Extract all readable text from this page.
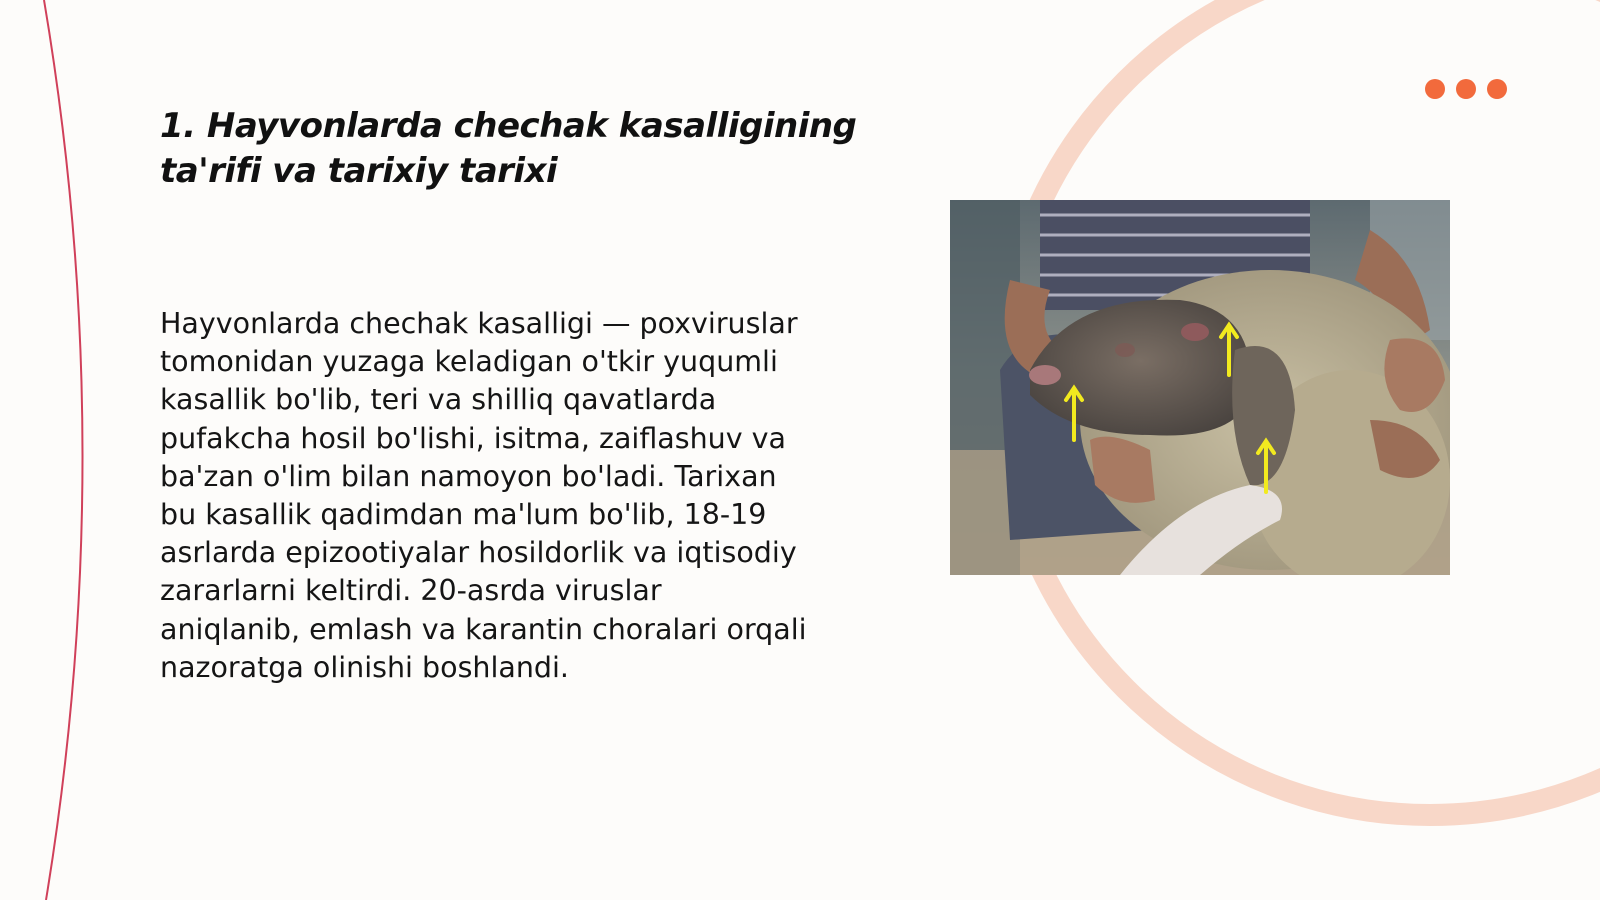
1. Hayvonlarda chechak kasalligining ta'rifi va tarixiy tarixi

Hayvonlarda chechak kasalligi — poxviruslar
tomonidan yuzaga keladigan o'tkir yuqumli
kasallik bo'lib, teri va shilliq qavatlarda
pufakcha hosil bo'lishi, isitma, zaiflashuv va
ba'zan o'lim bilan namoyon bo'ladi. Tarixan
bu kasallik qadimdan ma'lum bo'lib, 18-19
asrlarda epizootiyalar hosildorlik va iqtisodiy
zararlarni keltirdi. 20-asrda viruslar
aniqlanib, emlash va karantin choralari orqali
nazoratga olinishi boshlandi.
